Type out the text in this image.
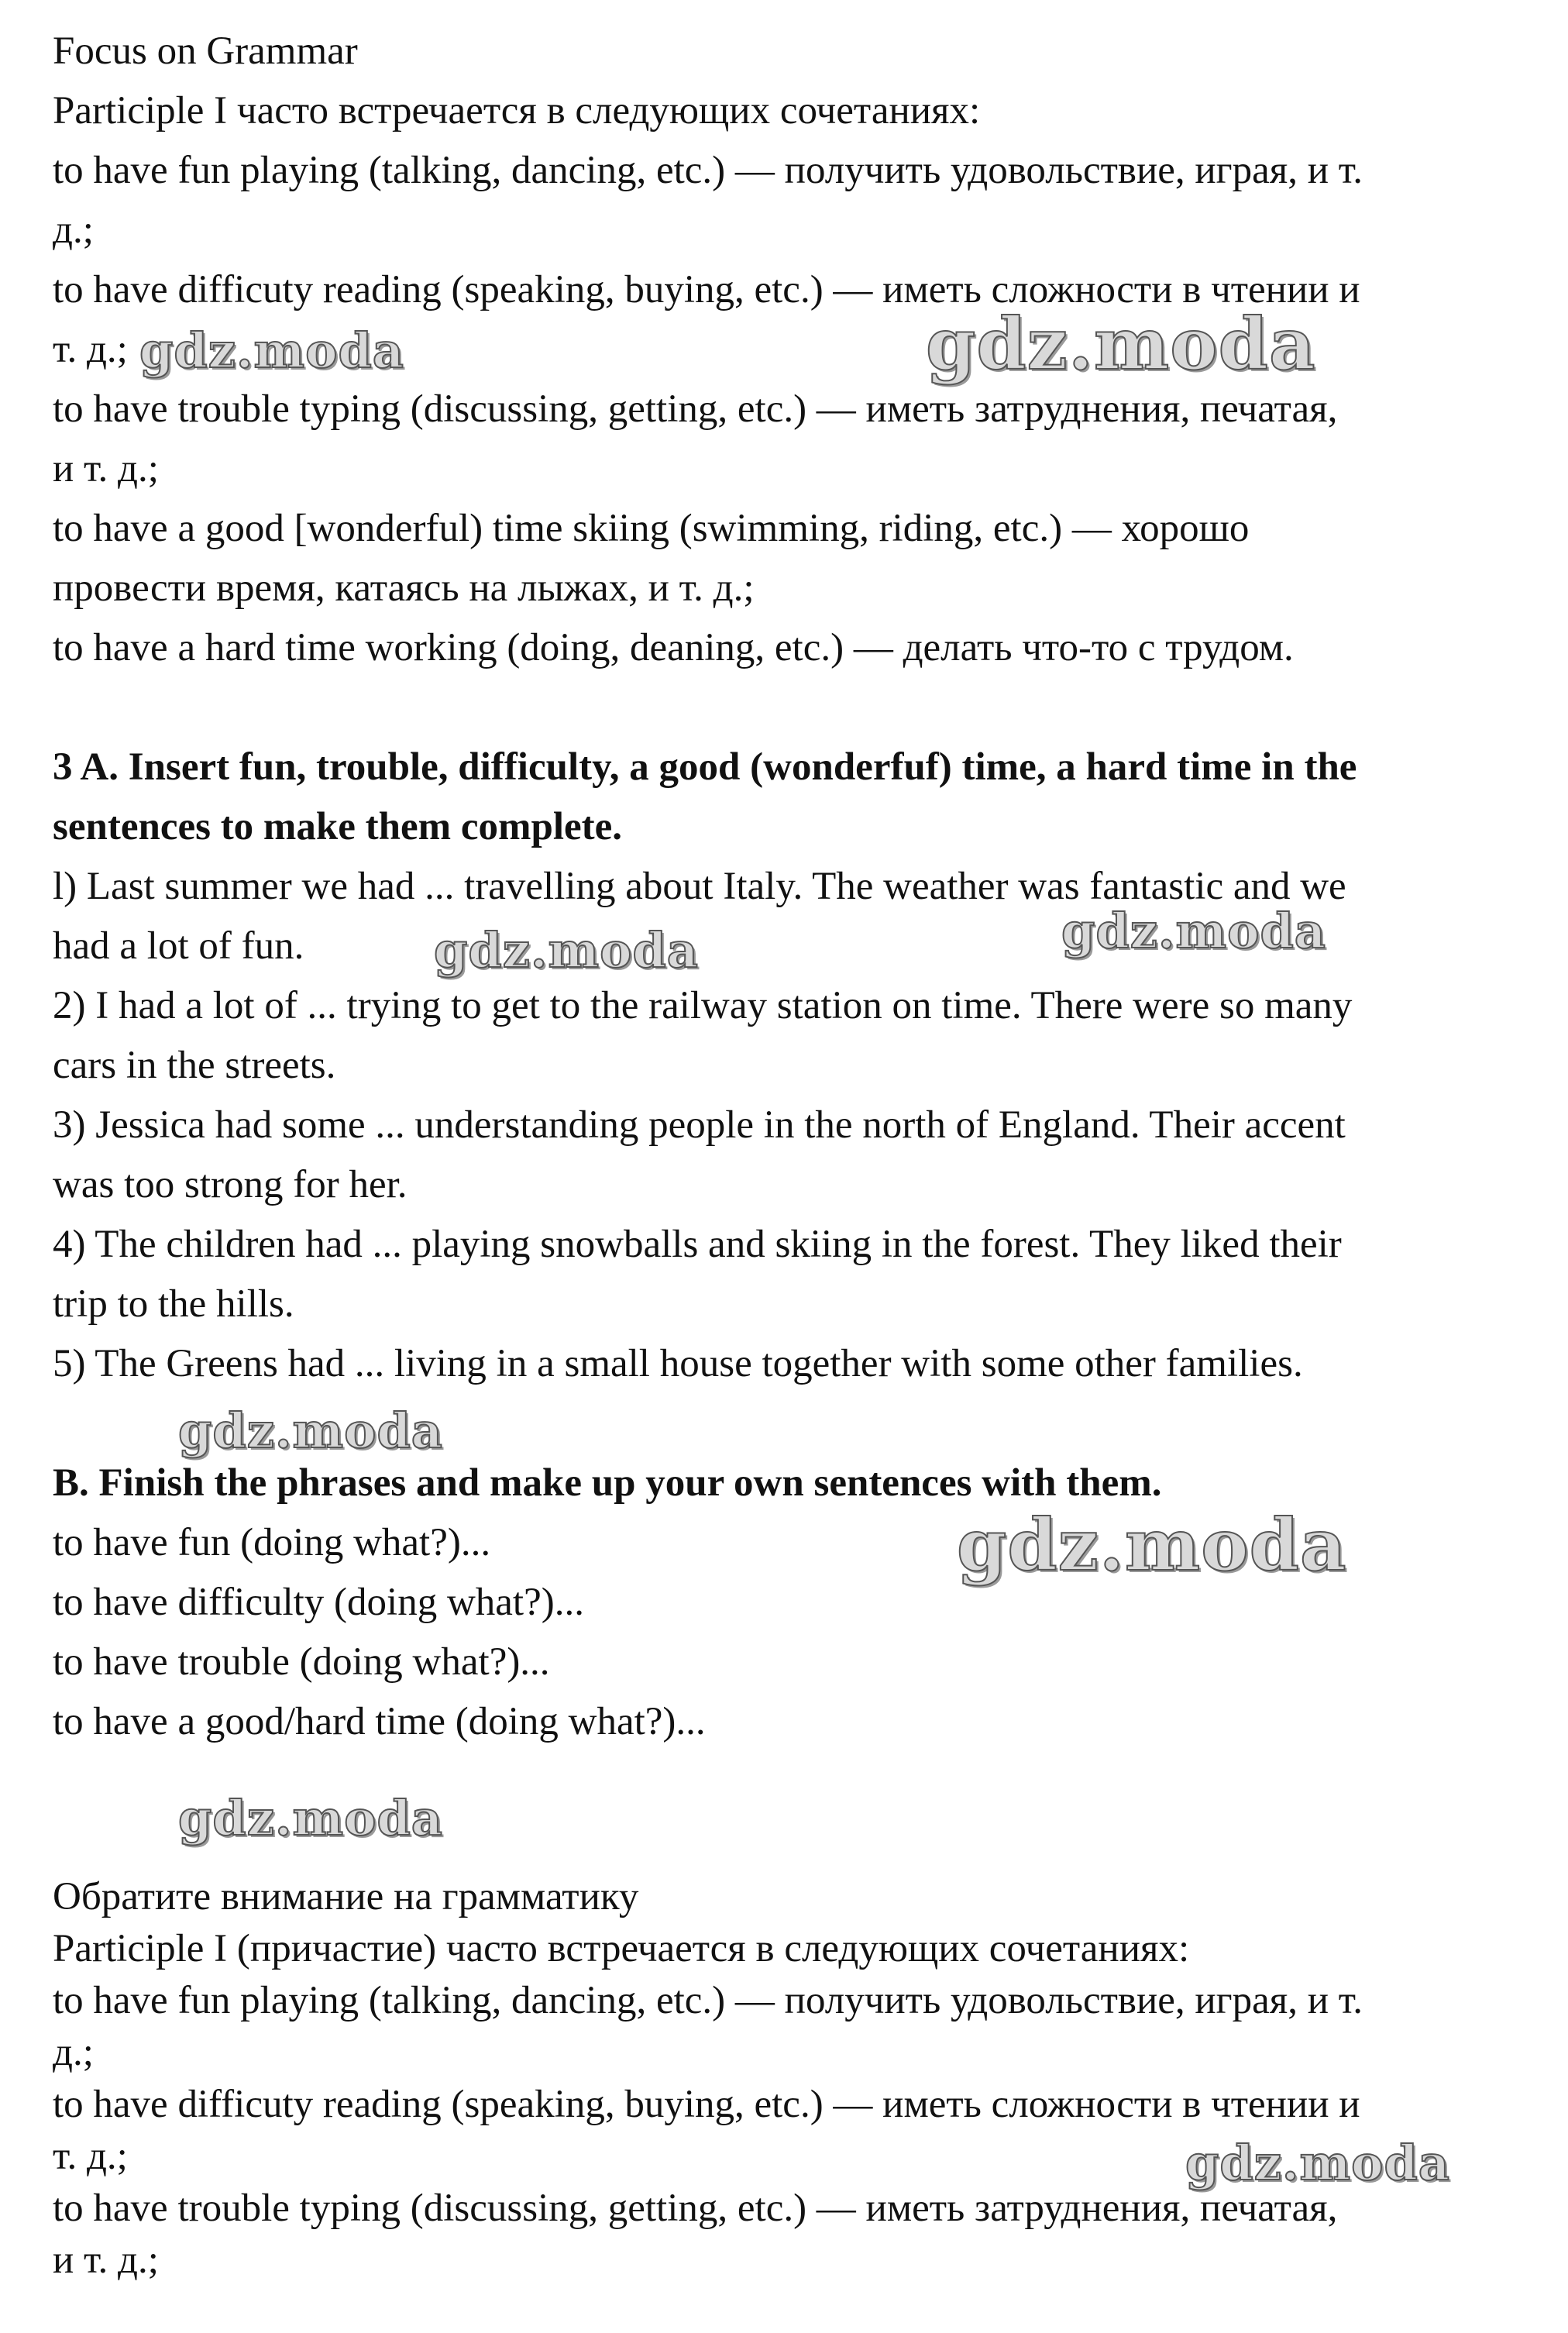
Focus on Grammar

Participle I часто встречается в следующих сочетаниях:

to have fun playing (talking, dancing, etc.) — получить удовольствие, играя, и т.

д.;

to have difficuty reading (speaking, buying, etc.) — иметь сложности в чтении и

т. д.;

to have trouble typing (discussing, getting, etc.) — иметь затруднения, печатая,

и т. д.;

to have a good [wonderful) time skiing (swimming, riding, etc.) — хорошо

провести время, катаясь на лыжах, и т. д.;

to have a hard time working (doing, deaning, etc.) — делать что-то с трудом.

3 A. Insert fun, trouble, difficulty, a good (wonderfuf) time, a hard time in the

sentences to make them complete.

l) Last summer we had ... travelling about Italy. The weather was fantastic and we

had a lot of fun.

2) I had a lot of ... trying to get to the railway station on time. There were so many

cars in the streets.

3) Jessica had some ... understanding people in the north of England. Their accent

was too strong for her.

4) The children had ... playing snowballs and skiing in the forest. They liked their

trip to the hills.

5) The Greens had ... living in a small house together with some other families.

B. Finish the phrases and make up your own sentences with them.

to have fun (doing what?)...

to have difficulty (doing what?)...

to have trouble (doing what?)...

to have a good/hard time (doing what?)...

Обратите внимание на грамматику

Participle I (причастие) часто встречается в следующих сочетаниях:

to have fun playing (talking, dancing, etc.) — получить удовольствие, играя, и т.

д.;

to have difficuty reading (speaking, buying, etc.) — иметь сложности в чтении и

т. д.;

to have trouble typing (discussing, getting, etc.) — иметь затруднения, печатая,

и т. д.;

gdz.moda	gdz.moda
gdz.moda	gdz.moda
gdz.moda
gdz.moda
gdz.moda
gdz.moda
